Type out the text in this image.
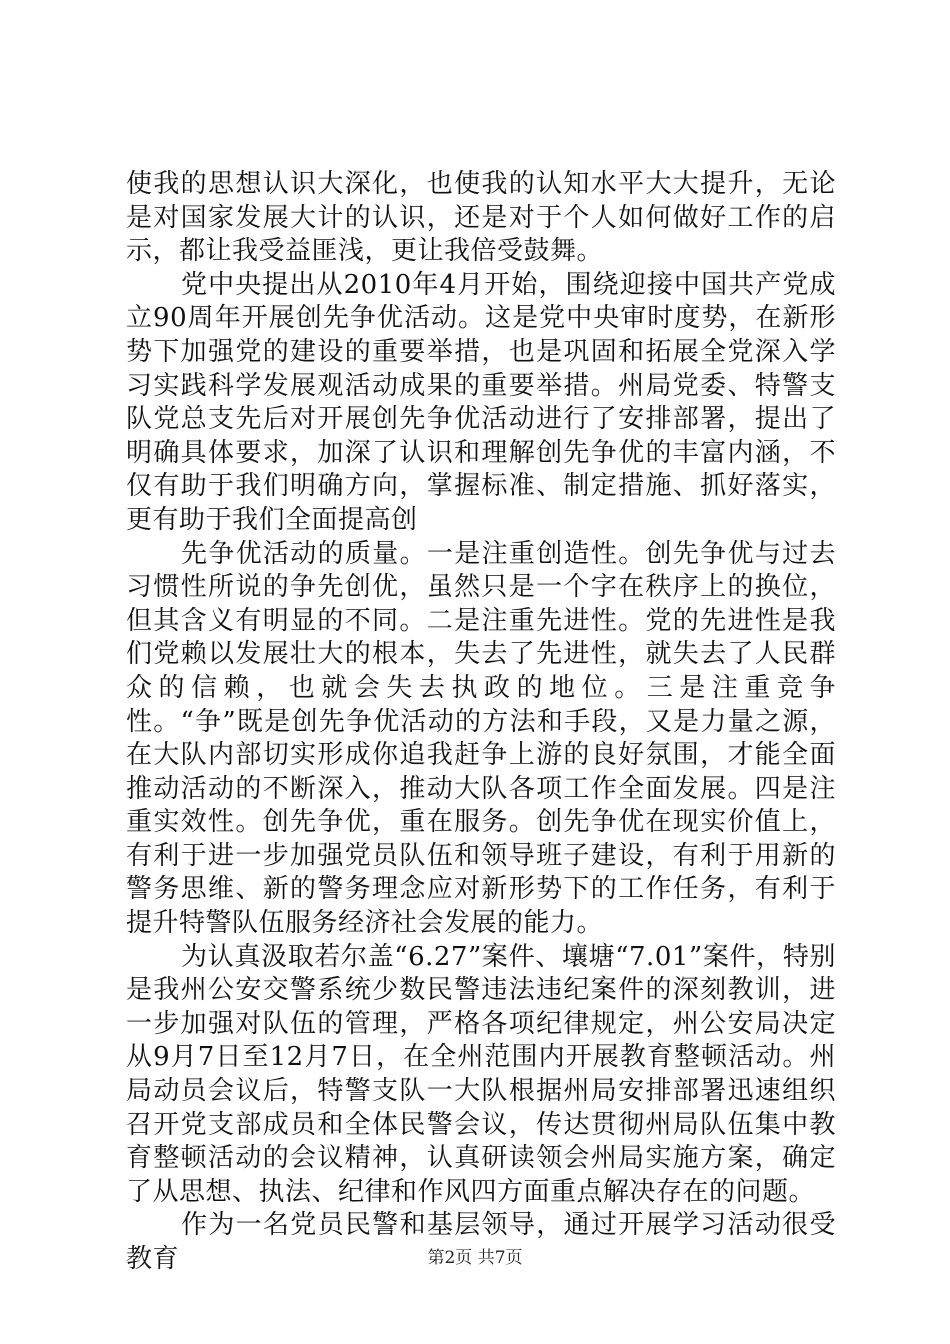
使我的思想认识大深化，也使我的认知水平大大提升，无论是对国家发展大计的认识，还是对于个人如何做好工作的启示，都让我受益匪浅，更让我倍受鼓舞。

党中央提出从2010年4月开始，围绕迎接中国共产党成立90周年开展创先争优活动。这是党中央审时度势，在新形势下加强党的建设的重要举措，也是巩固和拓展全党深入学习实践科学发展观活动成果的重要举措。州局党委、特警支队党总支先后对开展创先争优活动进行了安排部署，提出了明确具体要求，加深了认识和理解创先争优的丰富内涵，不仅有助于我们明确方向，掌握标准、制定措施、抓好落实，更有助于我们全面提高创

先争优活动的质量。一是注重创造性。创先争优与过去习惯性所说的争先创优，虽然只是一个字在秩序上的换位，但其含义有明显的不同。二是注重先进性。党的先进性是我们党赖以发展壮大的根本，失去了先进性，就失去了人民群众的信赖，也就会失去执政的地位。三是注重竞争性。“争”既是创先争优活动的方法和手段，又是力量之源，在大队内部切实形成你追我赶争上游的良好氛围，才能全面推动活动的不断深入，推动大队各项工作全面发展。四是注重实效性。创先争优，重在服务。创先争优在现实价值上，有利于进一步加强党员队伍和领导班子建设，有利于用新的警务思维、新的警务理念应对新形势下的工作任务，有利于提升特警队伍服务经济社会发展的能力。

为认真汲取若尔盖“6.27”案件、壤塘“7.01”案件，特别是我州公安交警系统少数民警违法违纪案件的深刻教训，进一步加强对队伍的管理，严格各项纪律规定，州公安局决定从9月7日至12月7日，在全州范围内开展教育整顿活动。州局动员会议后，特警支队一大队根据州局安排部署迅速组织召开党支部成员和全体民警会议，传达贯彻州局队伍集中教育整顿活动的会议精神，认真研读领会州局实施方案，确定了从思想、执法、纪律和作风四方面重点解决存在的问题。

作为一名党员民警和基层领导，通过开展学习活动很受教育	第2页 共7页
